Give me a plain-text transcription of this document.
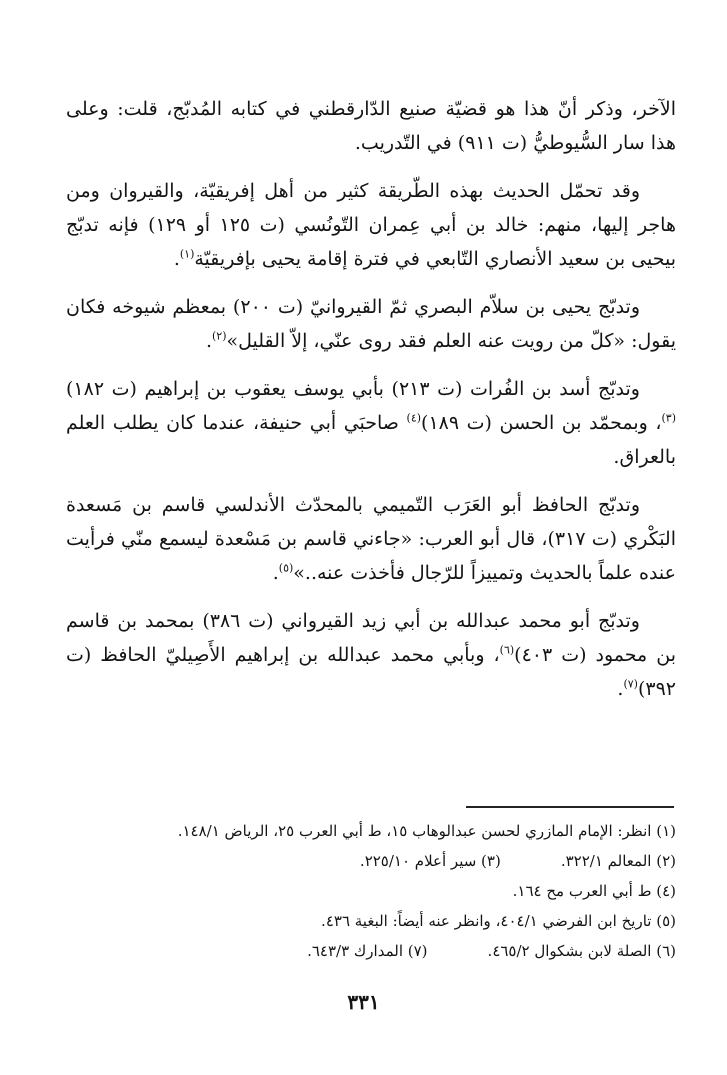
الآخر، وذكر أنّ هذا هو قضيّة صنيع الدّارقطني في كتابه المُدبّج، قلت: وعلى هذا سار السُّيوطيُّ (ت ٩١١) في التّدريب.
وقد تحمّل الحديث بهذه الطّريقة كثير من أهل إفريقيّة، والقيروان ومن هاجر إليها، منهم: خالد بن أبي عِمران التّونُسي (ت ١٢٥ أو ١٢٩) فإنه تدبّج بيحيى بن سعيد الأنصاري التّابعي في فترة إقامة يحيى بإفريقيّة$^{(١)}$.
وتدبّج يحيى بن سلاّم البصري ثمّ القيروانيّ (ت ٢٠٠) بمعظم شيوخه فكان يقول: «كلّ من رويت عنه العلم فقد روى عنّي، إلاّ القليل»$^{(٢)}$.
وتدبّج أسد بن الفُرات (ت ٢١٣) بأبي يوسف يعقوب بن إبراهيم (ت ١٨٢)$^{(٣)}$، وبمحمّد بن الحسن (ت ١٨٩)$^{(٤)}$ صاحبَي أبي حنيفة، عندما كان يطلب العلم بالعراق.
وتدبّج الحافظ أبو العَرَب التّميمي بالمحدّث الأندلسي قاسم بن مَسعدة البَكْري (ت ٣١٧)، قال أبو العرب: «جاءني قاسم بن مَسْعدة ليسمع منّي فرأيت عنده علماً بالحديث وتمييزاً للرّجال فأخذت عنه..»$^{(٥)}$.
وتدبّج أبو محمد عبدالله بن أبي زيد القيرواني (ت ٣٨٦) بمحمد بن قاسم بن محمود (ت ٤٠٣)$^{(٦)}$، وبأبي محمد عبدالله بن إبراهيم الأَصِيليّ الحافظ (ت ٣٩٢)$^{(٧)}$.
(١) انظر: الإمام المازري لحسن عبدالوهاب ١٥، ط أبي العرب ٢٥، الرياض ١٤٨/١.
(٢) المعالم ٣٢٢/١.
(٣) سير أعلام ٢٢٥/١٠.
(٤) ط أبي العرب مح ١٦٤.
(٥) تاريخ ابن الفرضي ٤٠٤/١، وانظر عنه أيضاً: البغية ٤٣٦.
(٦) الصلة لابن بشكوال ٤٦٥/٢.
(٧) المدارك ٦٤٣/٣.
٣٣١
